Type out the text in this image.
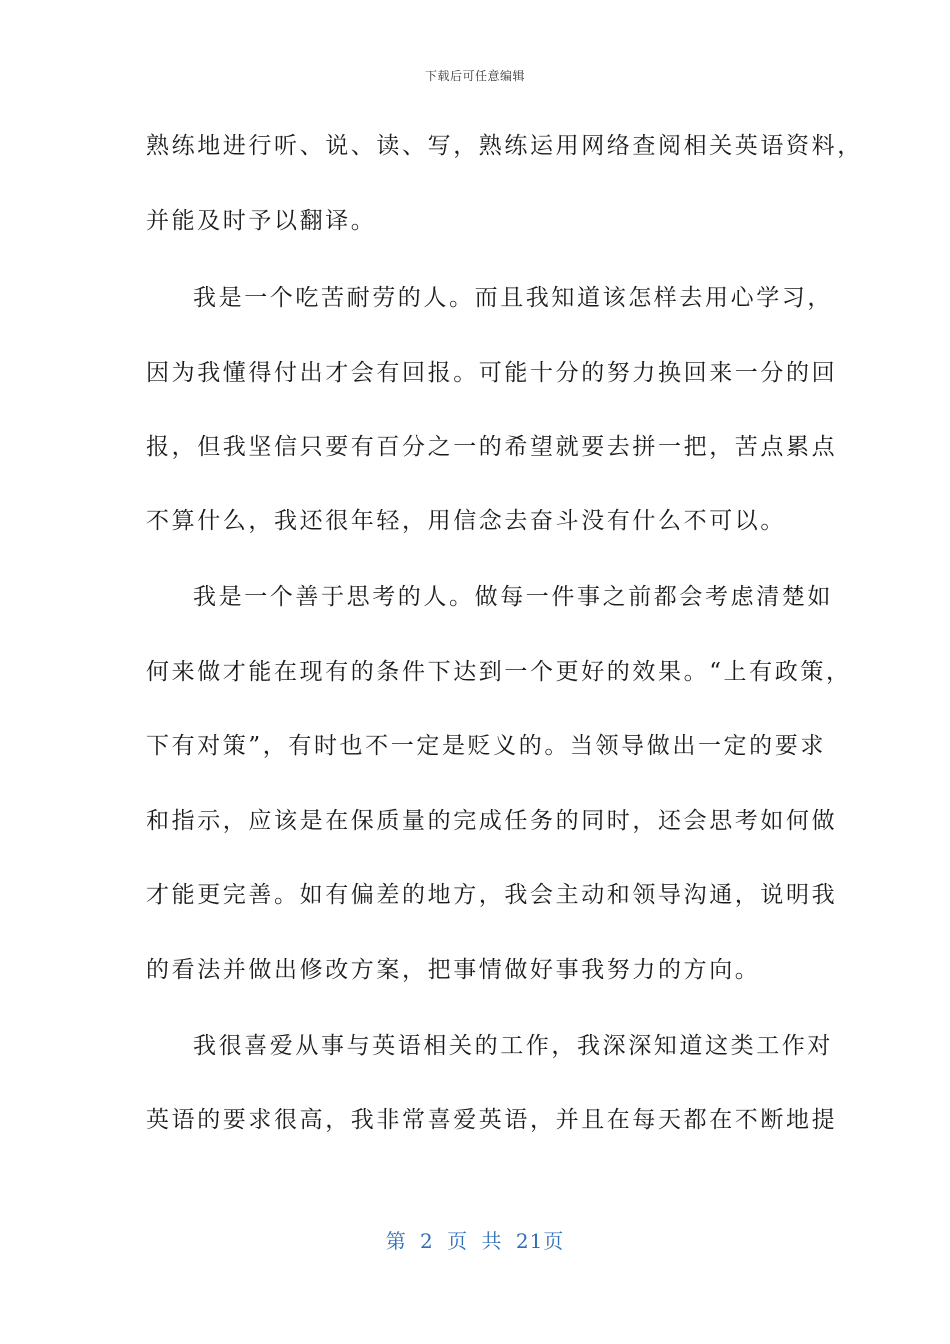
下载后可任意编辑
熟练地进行听、说、读、写，熟练运用网络查阅相关英语资料，
并能及时予以翻译。
我是一个吃苦耐劳的人。而且我知道该怎样去用心学习，
因为我懂得付出才会有回报。可能十分的努力换回来一分的回
报，但我坚信只要有百分之一的希望就要去拼一把，苦点累点
不算什么，我还很年轻，用信念去奋斗没有什么不可以。
我是一个善于思考的人。做每一件事之前都会考虑清楚如
何来做才能在现有的条件下达到一个更好的效果。“上有政策，
下有对策”，有时也不一定是贬义的。当领导做出一定的要求
和指示，应该是在保质量的完成任务的同时，还会思考如何做
才能更完善。如有偏差的地方，我会主动和领导沟通，说明我
的看法并做出修改方案，把事情做好事我努力的方向。
我很喜爱从事与英语相关的工作，我深深知道这类工作对
英语的要求很高，我非常喜爱英语，并且在每天都在不断地提
第 2 页 共 21页
